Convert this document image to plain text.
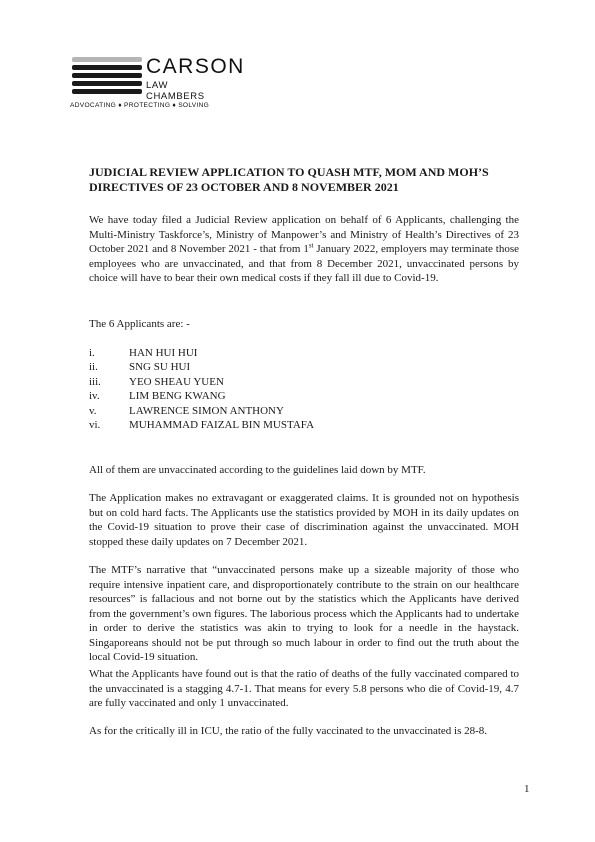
CARSON
LAW
CHAMBERS
ADVOCATING ♦ PROTECTING ♦ SOLVING
JUDICIAL REVIEW APPLICATION TO QUASH MTF, MOM AND MOH’S DIRECTIVES OF 23 OCTOBER AND 8 NOVEMBER 2021
We have today filed a Judicial Review application on behalf of 6 Applicants, challenging the Multi-Ministry Taskforce’s, Ministry of Manpower’s and Ministry of Health’s Directives of 23 October 2021 and 8 November 2021 - that from 1st January 2022, employers may terminate those employees who are unvaccinated, and that from 8 December 2021, unvaccinated persons by choice will have to bear their own medical costs if they fall ill due to Covid-19.
The 6 Applicants are: -
i.	HAN HUI HUI
ii.	SNG SU HUI
iii.	YEO SHEAU YUEN
iv.	LIM BENG KWANG
v.	LAWRENCE SIMON ANTHONY
vi.	MUHAMMAD FAIZAL BIN MUSTAFA
All of them are unvaccinated according to the guidelines laid down by MTF.
The Application makes no extravagant or exaggerated claims. It is grounded not on hypothesis but on cold hard facts. The Applicants use the statistics provided by MOH in its daily updates on the Covid-19 situation to prove their case of discrimination against the unvaccinated. MOH stopped these daily updates on 7 December 2021.
The MTF’s narrative that “unvaccinated persons make up a sizeable majority of those who require intensive inpatient care, and disproportionately contribute to the strain on our healthcare resources” is fallacious and not borne out by the statistics which the Applicants have derived from the government’s own figures. The laborious process which the Applicants had to undertake in order to derive the statistics was akin to trying to look for a needle in the haystack. Singaporeans should not be put through so much labour in order to find out the truth about the local Covid-19 situation.
What the Applicants have found out is that the ratio of deaths of the fully vaccinated compared to the unvaccinated is a stagging 4.7-1. That means for every 5.8 persons who die of Covid-19, 4.7 are fully vaccinated and only 1 unvaccinated.
As for the critically ill in ICU, the ratio of the fully vaccinated to the unvaccinated is 28-8.
1
